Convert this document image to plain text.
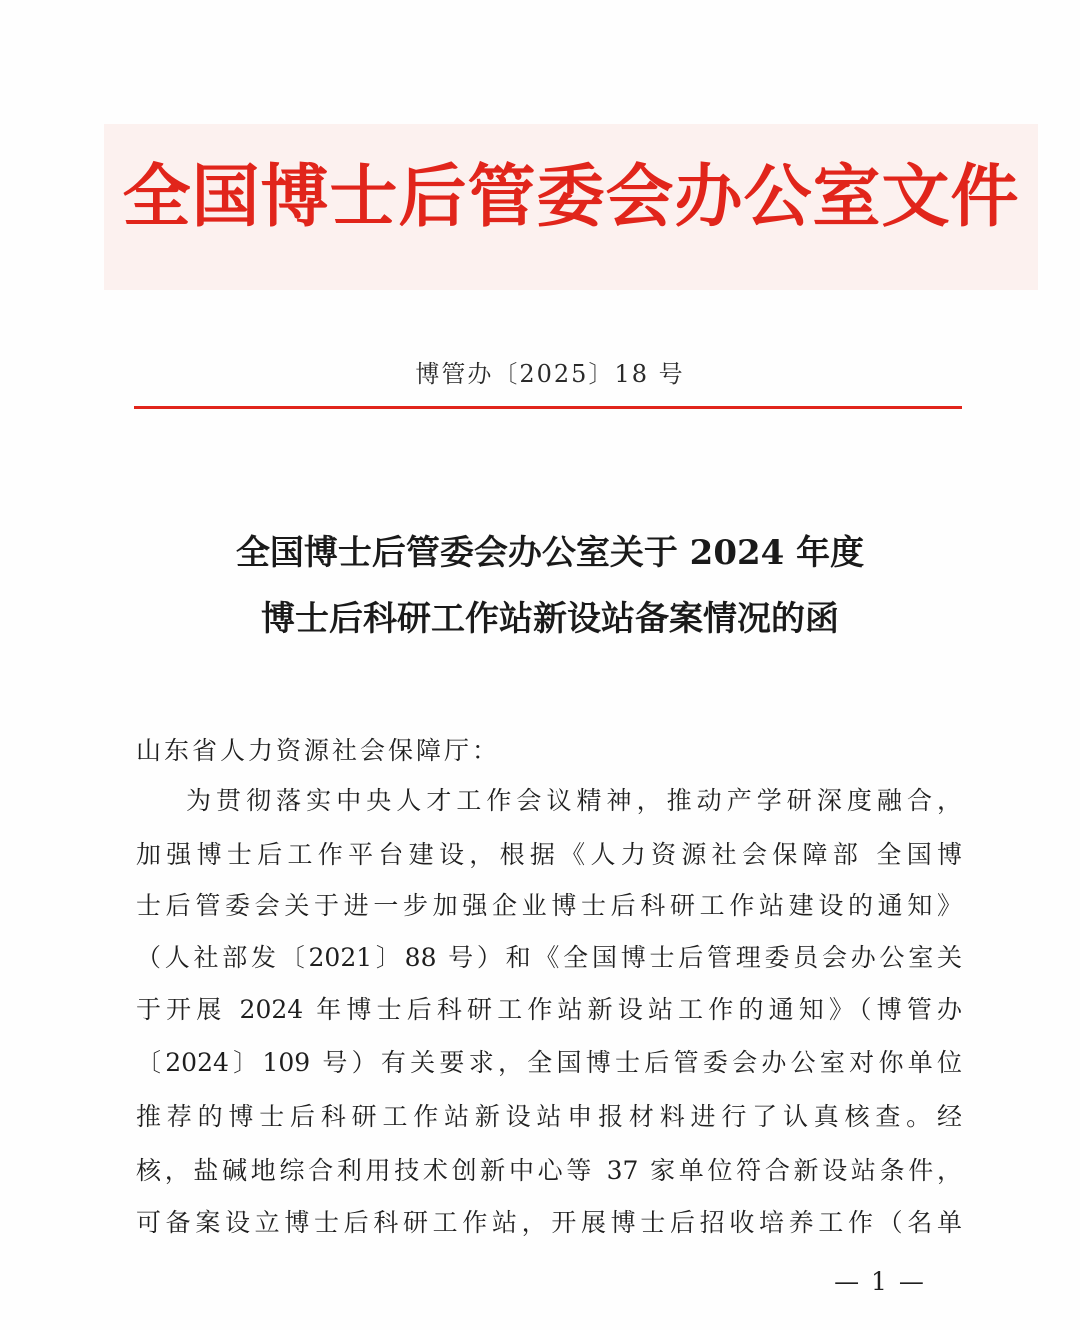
全国博士后管委会办公室文件
博管办〔2025〕18 号
全国博士后管委会办公室关于 2024 年度
博士后科研工作站新设站备案情况的函
山东省人力资源社会保障厅：
为贯彻落实中央人才工作会议精神，推动产学研深度融合，
加强博士后工作平台建设，根据《人力资源社会保障部 全国博
士后管委会关于进一步加强企业博士后科研工作站建设的通知》
（人社部发〔2021〕88 号）和《全国博士后管理委员会办公室关
于开展 2024 年博士后科研工作站新设站工作的通知》（博管办
〔2024〕109 号）有关要求，全国博士后管委会办公室对你单位
推荐的博士后科研工作站新设站申报材料进行了认真核查。经
核，盐碱地综合利用技术创新中心等 37 家单位符合新设站条件，
可备案设立博士后科研工作站，开展博士后招收培养工作（名单
— 1 —
